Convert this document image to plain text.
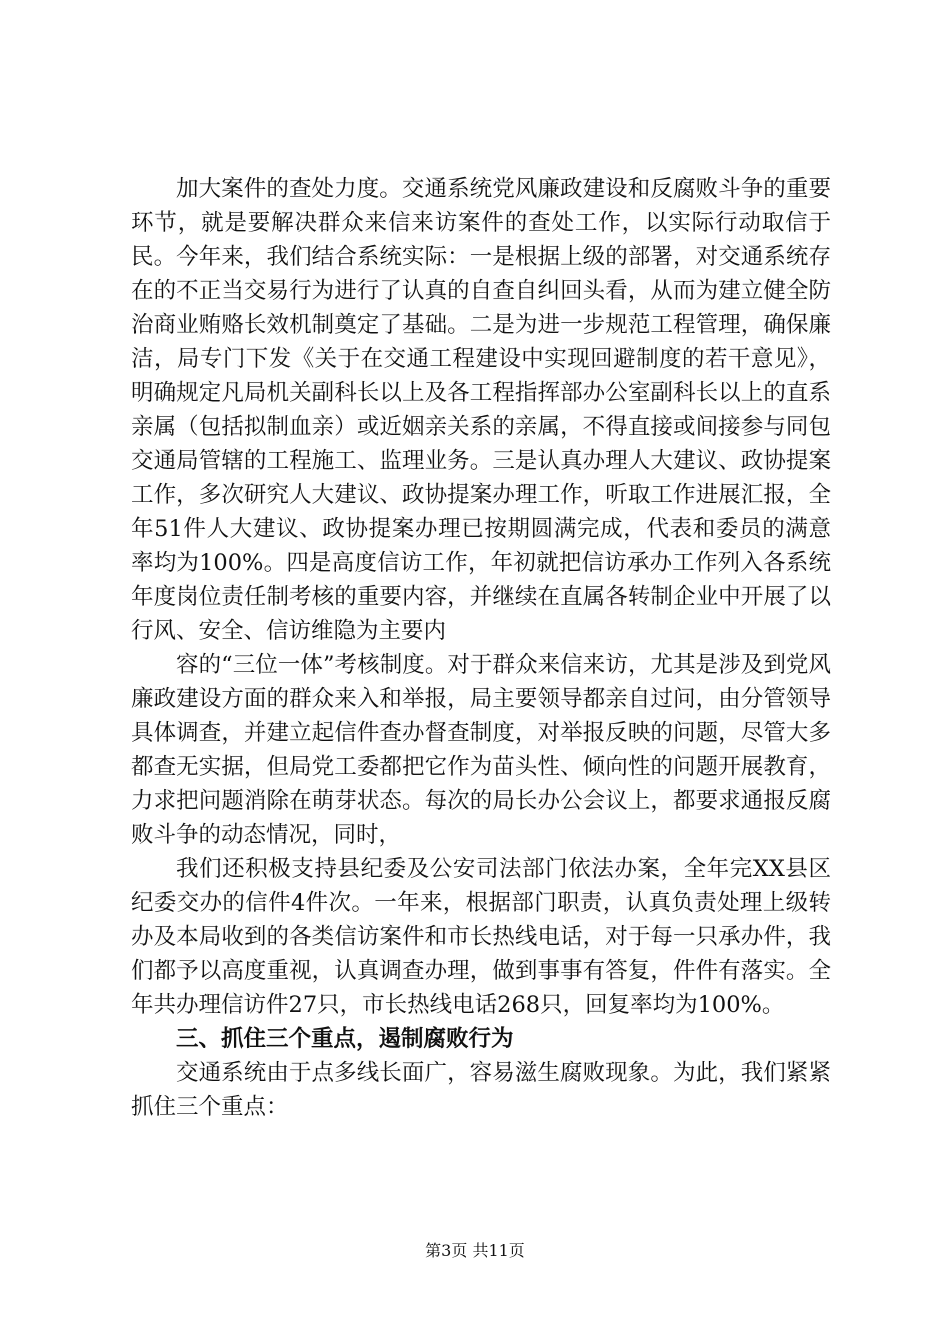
加大案件的查处力度。交通系统党风廉政建设和反腐败斗争的重要环节，就是要解决群众来信来访案件的查处工作，以实际行动取信于民。今年来，我们结合系统实际：一是根据上级的部署，对交通系统存在的不正当交易行为进行了认真的自查自纠回头看，从而为建立健全防治商业贿赂长效机制奠定了基础。二是为进一步规范工程管理，确保廉洁，局专门下发《关于在交通工程建设中实现回避制度的若干意见》，明确规定凡局机关副科长以上及各工程指挥部办公室副科长以上的直系亲属（包括拟制血亲）或近姻亲关系的亲属，不得直接或间接参与同包交通局管辖的工程施工、监理业务。三是认真办理人大建议、政协提案工作，多次研究人大建议、政协提案办理工作，听取工作进展汇报，全年51件人大建议、政协提案办理已按期圆满完成，代表和委员的满意率均为100%。四是高度信访工作，年初就把信访承办工作列入各系统年度岗位责任制考核的重要内容，并继续在直属各转制企业中开展了以行风、安全、信访维隐为主要内

容的“三位一体”考核制度。对于群众来信来访，尤其是涉及到党风廉政建设方面的群众来入和举报，局主要领导都亲自过问，由分管领导具体调查，并建立起信件查办督查制度，对举报反映的问题，尽管大多都查无实据，但局党工委都把它作为苗头性、倾向性的问题开展教育，力求把问题消除在萌芽状态。每次的局长办公会议上，都要求通报反腐败斗争的动态情况，同时，

我们还积极支持县纪委及公安司法部门依法办案，全年完XX县区纪委交办的信件4件次。一年来，根据部门职责，认真负责处理上级转办及本局收到的各类信访案件和市长热线电话，对于每一只承办件，我们都予以高度重视，认真调查办理，做到事事有答复，件件有落实。全年共办理信访件27只，市长热线电话268只，回复率均为100%。

三、抓住三个重点，遏制腐败行为

交通系统由于点多线长面广，容易滋生腐败现象。为此，我们紧紧抓住三个重点：

第3页 共11页
